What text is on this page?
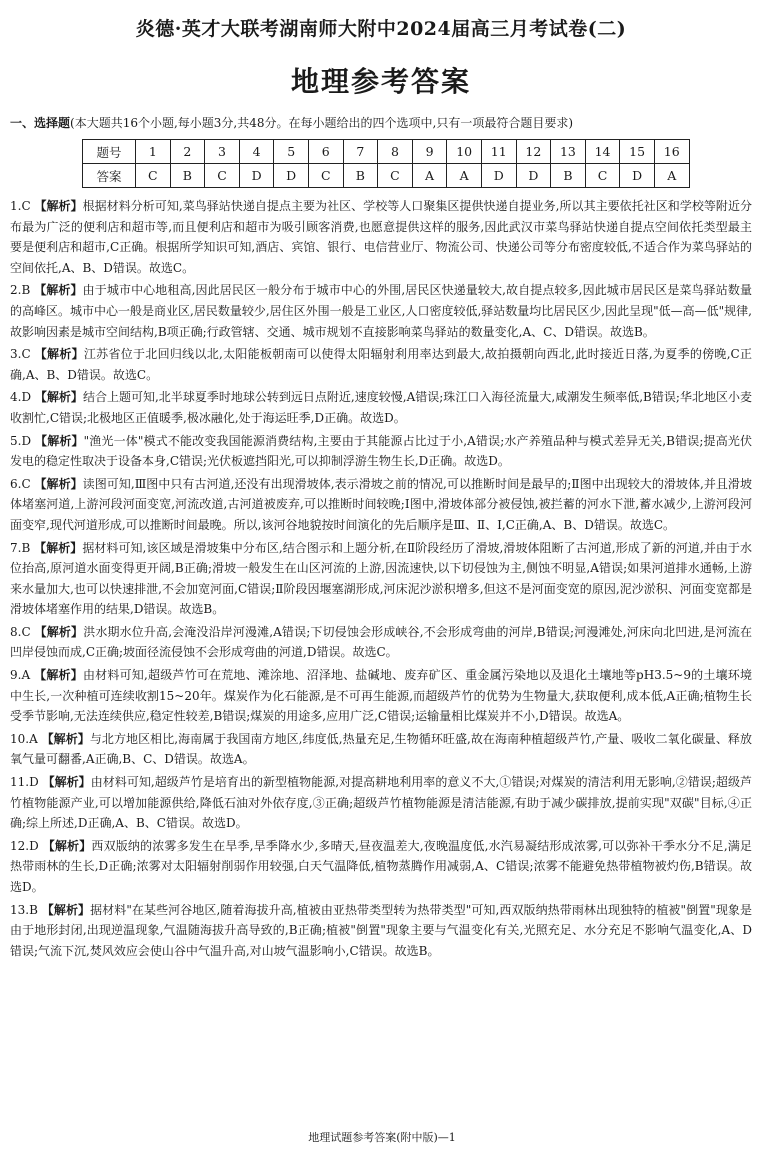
炎德·英才大联考湖南师大附中2024届高三月考试卷(二)
地理参考答案
一、选择题(本大题共16个小题,每小题3分,共48分。在每小题给出的四个选项中,只有一项最符合题目要求)
题号	1	2	3	4	5	6	7	8	9	10	11	12	13	14	15	16
答案	C	B	C	D	D	C	B	C	A	A	D	D	B	C	D	A
1.C 【解析】根据材料分析可知,菜鸟驿站快递自提点主要为社区、学校等人口聚集区提供快递自提业务,所以其主要依托社区和学校等附近分布最为广泛的便利店和超市等,而且便利店和超市为吸引顾客消费,也愿意提供这样的服务,因此武汉市菜鸟驿站快递自提点空间依托类型最主要是便利店和超市,C正确。根据所学知识可知,酒店、宾馆、银行、电信营业厅、物流公司、快递公司等分布密度较低,不适合作为菜鸟驿站的空间依托,A、B、D错误。故选C。
2.B 【解析】由于城市中心地租高,因此居民区一般分布于城市中心的外围,居民区快递量较大,故自提点较多,因此城市居民区是菜鸟驿站数量的高峰区。城市中心一般是商业区,居民数量较少,居住区外围一般是工业区,人口密度较低,驿站数量均比居民区少,因此呈现"低—高—低"规律,故影响因素是城市空间结构,B项正确;行政管辖、交通、城市规划不直接影响菜鸟驿站的数量变化,A、C、D错误。故选B。
3.C 【解析】江苏省位于北回归线以北,太阳能板朝南可以使得太阳辐射利用率达到最大,故拍摄朝向西北,此时接近日落,为夏季的傍晚,C正确,A、B、D错误。故选C。
4.D 【解析】结合上题可知,北半球夏季时地球公转到远日点附近,速度较慢,A错误;珠江口入海径流量大,咸潮发生频率低,B错误;华北地区小麦收割忙,C错误;北极地区正值暖季,极冰融化,处于海运旺季,D正确。故选D。
5.D 【解析】"渔光一体"模式不能改变我国能源消费结构,主要由于其能源占比过于小,A错误;水产养殖品种与模式差异无关,B错误;提高光伏发电的稳定性取决于设备本身,C错误;光伏板遮挡阳光,可以抑制浮游生物生长,D正确。故选D。
6.C 【解析】读图可知,Ⅲ图中只有古河道,还没有出现滑坡体,表示滑坡之前的情况,可以推断时间是最早的;Ⅱ图中出现较大的滑坡体,并且滑坡体堵塞河道,上游河段河面变宽,河流改道,古河道被废弃,可以推断时间较晚;Ⅰ图中,滑坡体部分被侵蚀,被拦蓄的河水下泄,蓄水减少,上游河段河面变窄,现代河道形成,可以推断时间最晚。所以,该河谷地貌按时间演化的先后顺序是Ⅲ、Ⅱ、Ⅰ,C正确,A、B、D错误。故选C。
7.B 【解析】据材料可知,该区域是滑坡集中分布区,结合图示和上题分析,在Ⅱ阶段经历了滑坡,滑坡体阻断了古河道,形成了新的河道,并由于水位抬高,原河道水面变得更开阔,B正确;滑坡一般发生在山区河流的上游,因流速快,以下切侵蚀为主,侧蚀不明显,A错误;如果河道排水通畅,上游来水量加大,也可以快速排泄,不会加宽河面,C错误;Ⅱ阶段因堰塞湖形成,河床泥沙淤积增多,但这不是河面变宽的原因,泥沙淤积、河面变宽都是滑坡体堵塞作用的结果,D错误。故选B。
8.C 【解析】洪水期水位升高,会淹没沿岸河漫滩,A错误;下切侵蚀会形成峡谷,不会形成弯曲的河岸,B错误;河漫滩处,河床向北凹进,是河流在凹岸侵蚀而成,C正确;坡面径流侵蚀不会形成弯曲的河道,D错误。故选C。
9.A 【解析】由材料可知,超级芦竹可在荒地、滩涂地、沼泽地、盐碱地、废弃矿区、重金属污染地以及退化土壤地等pH3.5~9的土壤环境中生长,一次种植可连续收割15~20年。煤炭作为化石能源,是不可再生能源,而超级芦竹的优势为生物量大,获取便利,成本低,A正确;植物生长受季节影响,无法连续供应,稳定性较差,B错误;煤炭的用途多,应用广泛,C错误;运输量相比煤炭并不小,D错误。故选A。
10.A 【解析】与北方地区相比,海南属于我国南方地区,纬度低,热量充足,生物循环旺盛,故在海南种植超级芦竹,产量、吸收二氧化碳量、释放氧气量可翻番,A正确,B、C、D错误。故选A。
11.D 【解析】由材料可知,超级芦竹是培育出的新型植物能源,对提高耕地利用率的意义不大,①错误;对煤炭的清洁利用无影响,②错误;超级芦竹植物能源产业,可以增加能源供给,降低石油对外依存度,③正确;超级芦竹植物能源是清洁能源,有助于减少碳排放,提前实现"双碳"目标,④正确;综上所述,D正确,A、B、C错误。故选D。
12.D 【解析】西双版纳的浓雾多发生在旱季,旱季降水少,多晴天,昼夜温差大,夜晚温度低,水汽易凝结形成浓雾,可以弥补干季水分不足,满足热带雨林的生长,D正确;浓雾对太阳辐射削弱作用较强,白天气温降低,植物蒸腾作用减弱,A、C错误;浓雾不能避免热带植物被灼伤,B错误。故选D。
13.B 【解析】据材料"在某些河谷地区,随着海拔升高,植被由亚热带类型转为热带类型"可知,西双版纳热带雨林出现独特的植被"倒置"现象是由于地形封闭,出现逆温现象,气温随海拔升高导致的,B正确;植被"倒置"现象主要与气温变化有关,光照充足、水分充足不影响气温变化,A、D错误;气流下沉,焚风效应会使山谷中气温升高,对山坡气温影响小,C错误。故选B。
地理试题参考答案(附中版)—1
